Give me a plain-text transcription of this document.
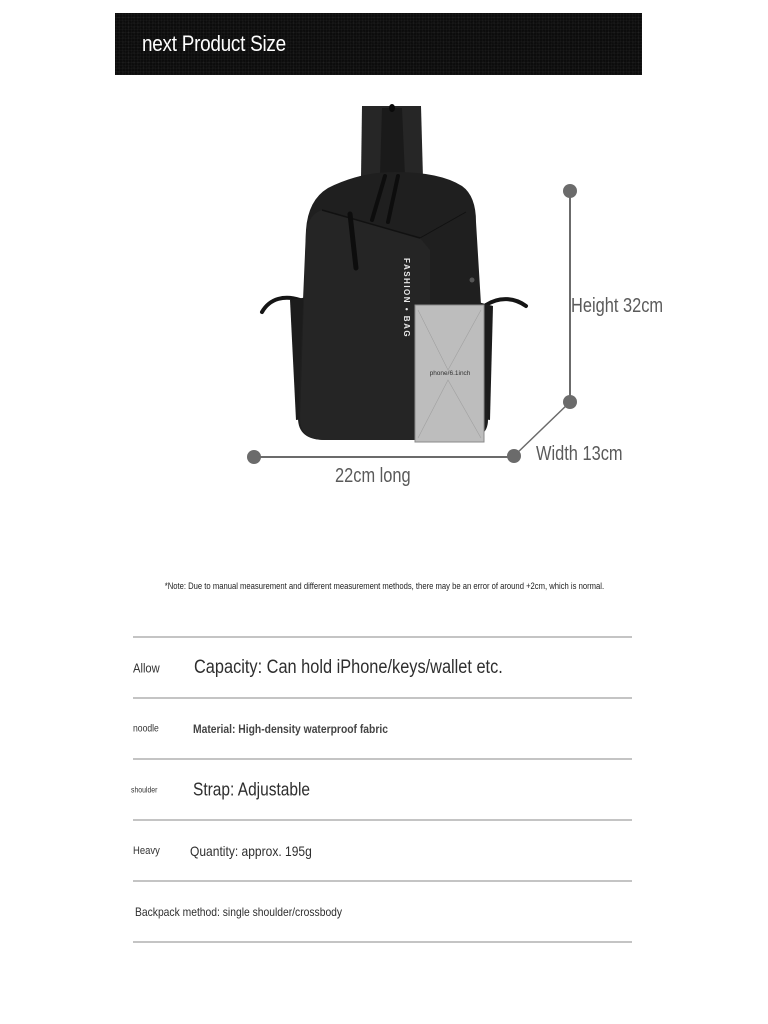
next Product Size
FASHION • BAG
phone/6.1inch
Height 32cm
Width 13cm
22cm long
*Note: Due to manual measurement and different measurement methods, there may be an error of around +2cm, which is normal.
Allow Capacity: Can hold iPhone/keys/wallet etc.
noodle	Material: High-density waterproof fabric
shoulder Strap: Adjustable
Heavy Quantity: approx. 195g
Backpack method: single shoulder/crossbody
